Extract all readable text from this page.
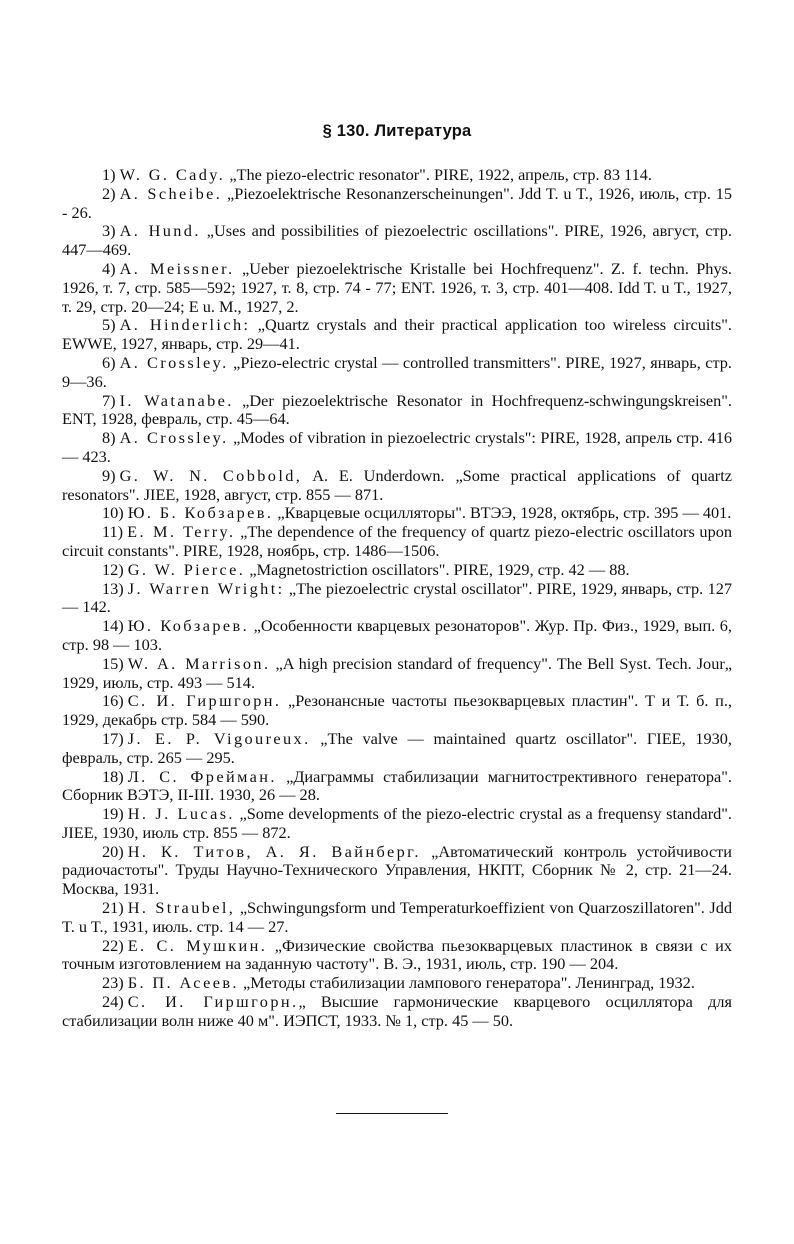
§ 130. Литература

1) W. G. Cady. „The piezo-electric resonator". PIRE, 1922, апрель, стр. 83 114.

2) A. Scheibe. „Piezoelektrische Resonanzerscheinungen". Jdd T. u T., 1926, июль, стр. 15 - 26.

3) A. Hund. „Uses and possibilities of piezoelectric oscillations". PIRE, 1926, август, стр. 447—469.

4) A. Meissner. „Ueber piezoelektrische Kristalle bei Hochfrequenz". Z. f. techn. Phys. 1926, т. 7, стр. 585—592; 1927, т. 8, стр. 74 - 77; ENT. 1926, т. 3, стр. 401—408. Idd T. u T., 1927, т. 29, стр. 20—24; E u. M., 1927, 2.

5) A. Hinderlich: „Quartz crystals and their practical application too wireless circuits". EWWE, 1927, январь, стр. 29—41.

6) A. Crossley. „Piezo-electric crystal — controlled transmitters". PIRE, 1927, январь, стр. 9—36.

7) I. Watanabe. „Der piezoelektrische Resonator in Hochfrequenz-schwingungskreisen". ENT, 1928, февраль, стр. 45—64.

8) A. Crossley. „Modes of vibration in piezoelectric crystals": PIRE, 1928, апрель стр. 416 — 423.

9) G. W. N. Cobbold, A. E. Underdown. „Some practical applications of quartz resonators". JIEE, 1928, август, стр. 855 — 871.

10) Ю. Б. Кобзарев. „Кварцевые осцилляторы". ВТЭЭ, 1928, октябрь, стр. 395 — 401.

11) E. M. Terry. „The dependence of the frequency of quartz piezo-electric oscillators upon circuit constants". PIRE, 1928, ноябрь, стр. 1486—1506.

12) G. W. Pierce. „Magnetostriction oscillators". PIRE, 1929, стр. 42 — 88.

13) J. Warren Wright: „The piezoelectric crystal oscillator". PIRE, 1929, январь, стр. 127 — 142.

14) Ю. Кобзарев. „Особенности кварцевых резонаторов". Жур. Пр. Физ., 1929, вып. 6, стр. 98 — 103.

15) W. A. Marrison. „A high precision standard of frequency". The Bell Syst. Tech. Jour„ 1929, июль, стр. 493 — 514.

16) С. И. Гиршгорн. „Резонансные частоты пьезокварцевых пластин". Т и Т. б. п., 1929, декабрь стр. 584 — 590.

17) J. E. P. Vigoureux. „The valve — maintained quartz oscillator". ГIEE, 1930, февраль, стр. 265 — 295.

18) Л. С. Фрейман. „Диаграммы стабилизации магнитострективного генератора". Сборник ВЭТЭ, II-III. 1930, 26 — 28.

19) H. J. Lucas. „Some developments of the piezo-electric crystal as a frequensy standard". JIEE, 1930, июль стр. 855 — 872.

20) Н. К. Титов, А. Я. Вайнберг. „Автоматический контроль устойчивости радиочастоты". Труды Научно-Технического Управления, НКПТ, Сборник № 2, стр. 21—24. Москва, 1931.

21) H. Straubel, „Schwingungsform und Temperaturkoeffizient von Quarzoszillatoren". Jdd T. u T., 1931, июль. стр. 14 — 27.

22) Е. С. Мушкин. „Физические свойства пьезокварцевых пластинок в связи с их точным изготовлением на заданную частоту". В. Э., 1931, июль, стр. 190 — 204.

23) Б. П. Асеев. „Методы стабилизации лампового генератора". Ленинград, 1932.

24) С. И. Гиршгорн.„ Высшие гармонические кварцевого осциллятора для стабилизации волн ниже 40 м". ИЭПСТ, 1933. № 1, стр. 45 — 50.
